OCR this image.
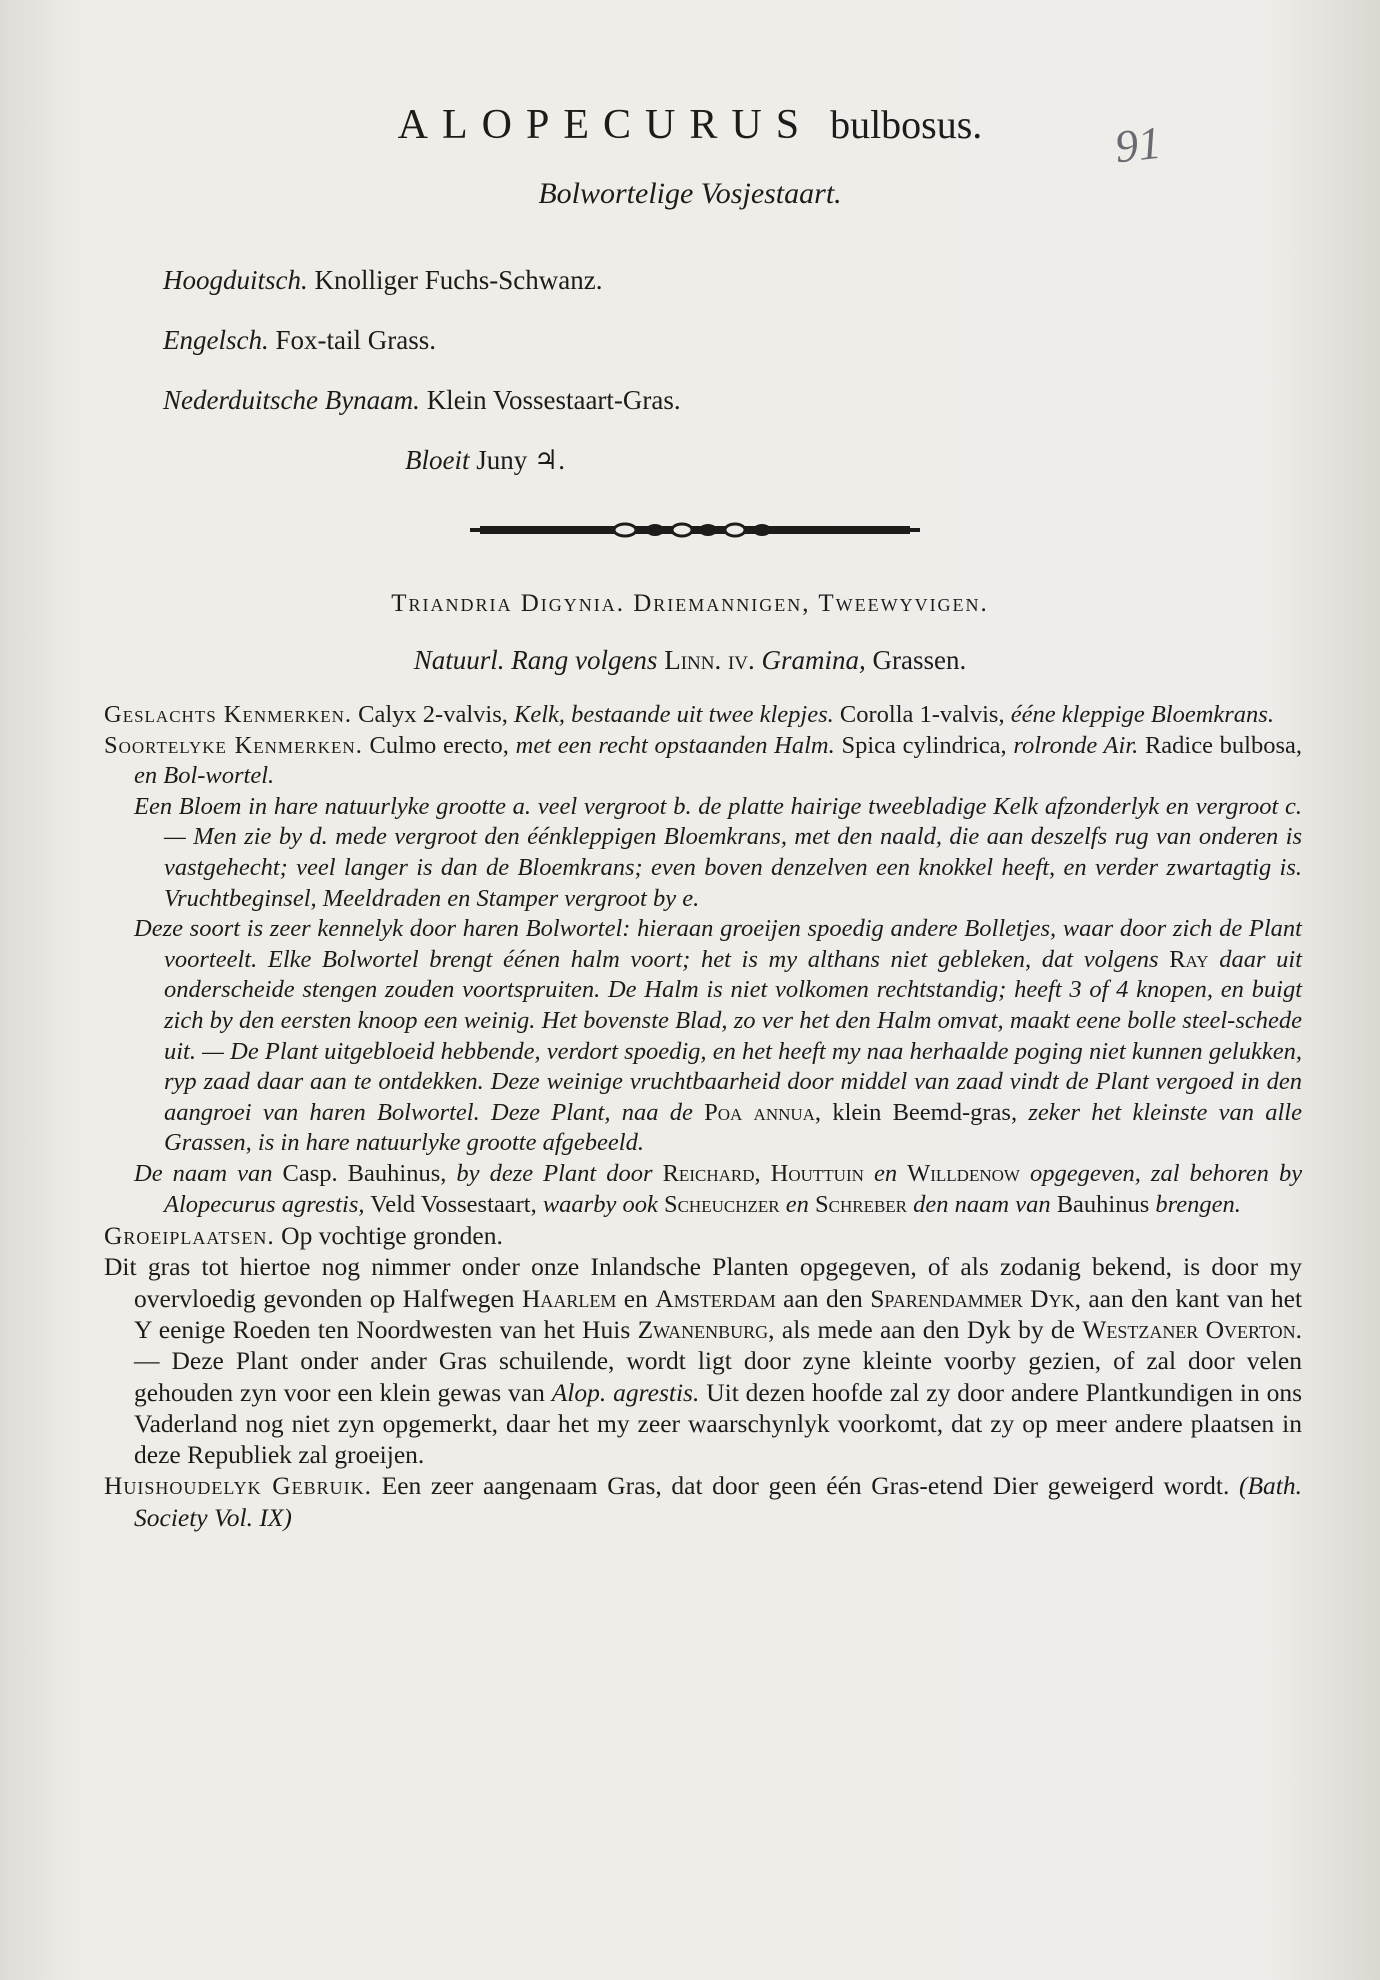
91
ALOPECURUS bulbosus.
Bolwortelige Vosjestaart.
Hoogduitsch. Knolliger Fuchs-Schwanz.
Engelsch. Fox-tail Grass.
Nederduitsche Bynaam. Klein Vossestaart-Gras.
Bloeit Juny ♃.
Triandria Digynia. Driemannigen, Tweewyvigen.
Natuurl. Rang volgens Linn. iv. Gramina, Grassen.

Geslachts Kenmerken. Calyx 2-valvis, Kelk, bestaande uit twee klepjes. Corolla 1-valvis, ééne kleppige Bloemkrans.

Soortelyke Kenmerken. Culmo erecto, met een recht opstaanden Halm. Spica cylindrica, rolronde Air. Radice bulbosa, en Bol-wortel.

Een Bloem in hare natuurlyke grootte a. veel vergroot b. de platte hairige tweebladige Kelk afzonderlyk en vergroot c. — Men zie by d. mede vergroot den éénkleppigen Bloemkrans, met den naald, die aan deszelfs rug van onderen is vastgehecht; veel langer is dan de Bloemkrans; even boven denzelven een knokkel heeft, en verder zwartagtig is. Vruchtbeginsel, Meeldraden en Stamper vergroot by e.

Deze soort is zeer kennelyk door haren Bolwortel: hieraan groeijen spoedig andere Bolletjes, waar door zich de Plant voorteelt. Elke Bolwortel brengt éénen halm voort; het is my althans niet gebleken, dat volgens Ray daar uit onderscheide stengen zouden voortspruiten. De Halm is niet volkomen rechtstandig; heeft 3 of 4 knopen, en buigt zich by den eersten knoop een weinig. Het bovenste Blad, zo ver het den Halm omvat, maakt eene bolle steel-schede uit. — De Plant uitgebloeid hebbende, verdort spoedig, en het heeft my naa herhaalde poging niet kunnen gelukken, ryp zaad daar aan te ontdekken. Deze weinige vruchtbaarheid door middel van zaad vindt de Plant vergoed in den aangroei van haren Bolwortel. Deze Plant, naa de Poa annua, klein Beemd-gras, zeker het kleinste van alle Grassen, is in hare natuurlyke grootte afgebeeld.

De naam van Casp. Bauhinus, by deze Plant door Reichard, Houttuin en Willdenow opgegeven, zal behoren by Alopecurus agrestis, Veld Vossestaart, waarby ook Scheuchzer en Schreber den naam van Bauhinus brengen.

Groeiplaatsen. Op vochtige gronden.

Dit gras tot hiertoe nog nimmer onder onze Inlandsche Planten opgegeven, of als zodanig bekend, is door my overvloedig gevonden op Halfwegen Haarlem en Amsterdam aan den Sparendammer Dyk, aan den kant van het Y eenige Roeden ten Noordwesten van het Huis Zwanenburg, als mede aan den Dyk by de Westzaner Overton. — Deze Plant onder ander Gras schuilende, wordt ligt door zyne kleinte voorby gezien, of zal door velen gehouden zyn voor een klein gewas van Alop. agrestis. Uit dezen hoofde zal zy door andere Plantkundigen in ons Vaderland nog niet zyn opgemerkt, daar het my zeer waarschynlyk voorkomt, dat zy op meer andere plaatsen in deze Republiek zal groeijen.

Huishoudelyk Gebruik. Een zeer aangenaam Gras, dat door geen één Gras-etend Dier geweigerd wordt. (Bath. Society Vol. IX)
